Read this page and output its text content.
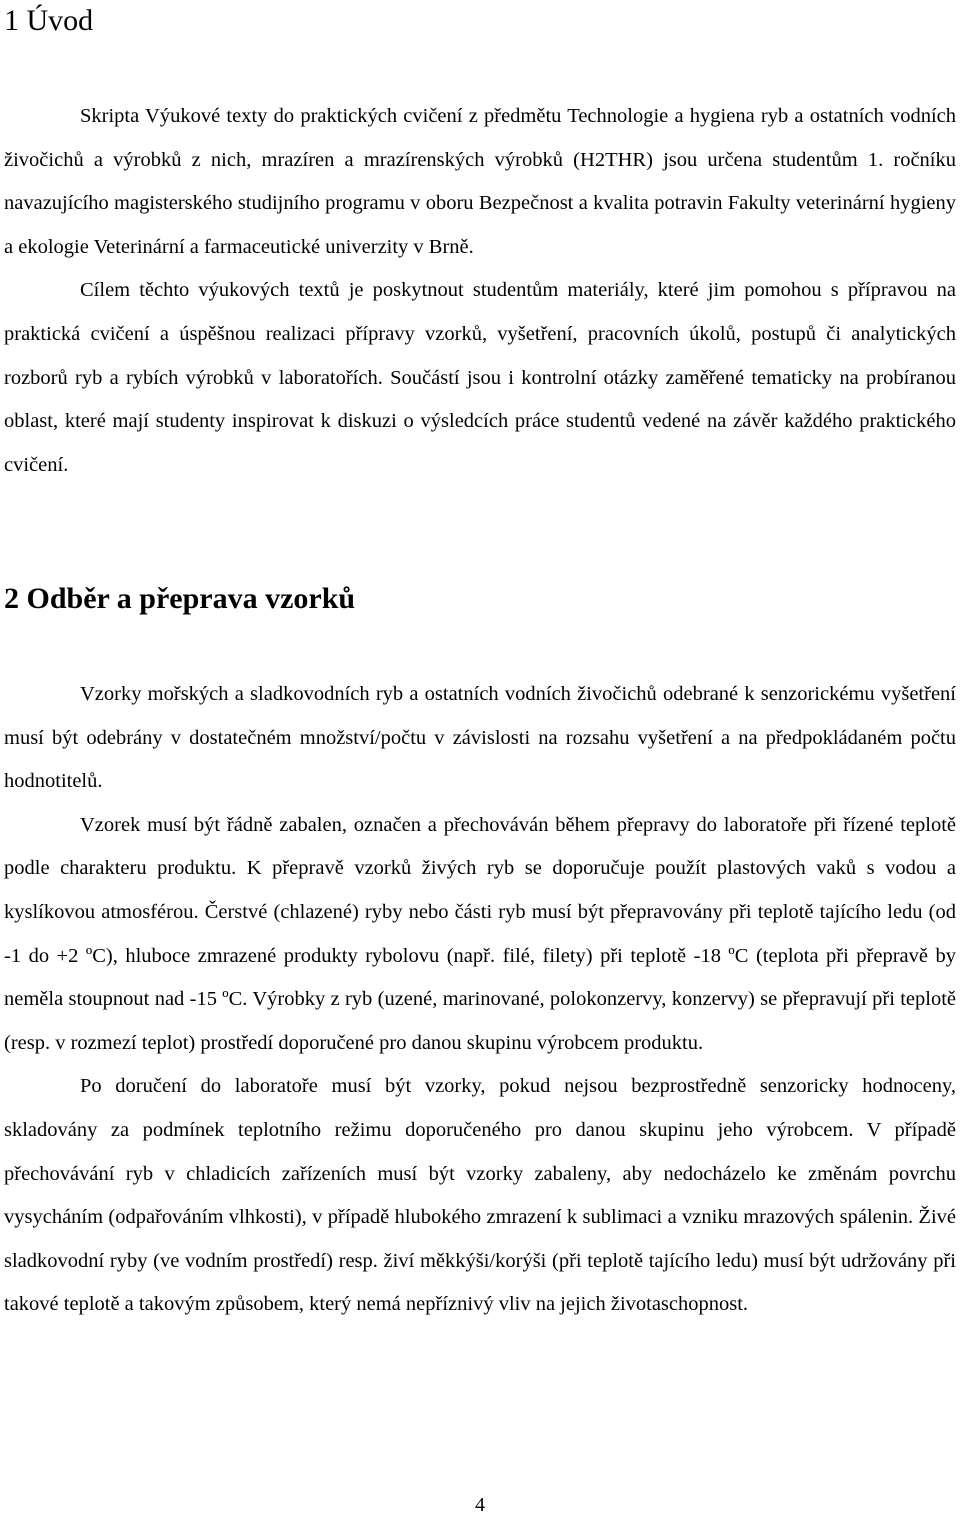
1 Úvod

Skripta Výukové texty do praktických cvičení z předmětu Technologie a hygiena ryb a ostatních vodních živočichů a výrobků z nich, mrazíren a mrazírenských výrobků (H2THR) jsou určena studentům 1. ročníku navazujícího magisterského studijního programu v oboru Bezpečnost a kvalita potravin Fakulty veterinární hygieny a ekologie Veterinární a farmaceutické univerzity v Brně.

Cílem těchto výukových textů je poskytnout studentům materiály, které jim pomohou s přípravou na praktická cvičení a úspěšnou realizaci přípravy vzorků, vyšetření, pracovních úkolů, postupů či analytických rozborů ryb a rybích výrobků v laboratořích. Součástí jsou i kontrolní otázky zaměřené tematicky na probíranou oblast, které mají studenty inspirovat k diskuzi o výsledcích práce studentů vedené na závěr každého praktického cvičení.

2 Odběr a přeprava vzorků

Vzorky mořských a sladkovodních ryb a ostatních vodních živočichů odebrané k senzorickému vyšetření musí být odebrány v dostatečném množství/počtu v závislosti na rozsahu vyšetření a na předpokládaném počtu hodnotitelů.

Vzorek musí být řádně zabalen, označen a přechováván během přepravy do laboratoře při řízené teplotě podle charakteru produktu. K přepravě vzorků živých ryb se doporučuje použít plastových vaků s vodou a kyslíkovou atmosférou. Čerstvé (chlazené) ryby nebo části ryb musí být přepravovány při teplotě tajícího ledu (od -1 do +2 ºC), hluboce zmrazené produkty rybolovu (např. filé, filety) při teplotě -18 ºC (teplota při přepravě by neměla stoupnout nad -15 ºC. Výrobky z ryb (uzené, marinované, polokonzervy, konzervy) se přepravují při teplotě (resp. v rozmezí teplot) prostředí doporučené pro danou skupinu výrobcem produktu.

Po doručení do laboratoře musí být vzorky, pokud nejsou bezprostředně senzoricky hodnoceny, skladovány za podmínek teplotního režimu doporučeného pro danou skupinu jeho výrobcem. V případě přechovávání ryb v chladicích zařízeních musí být vzorky zabaleny, aby nedocházelo ke změnám povrchu vysycháním (odpařováním vlhkosti), v případě hlubokého zmrazení k sublimaci a vzniku mrazových spálenin. Živé sladkovodní ryby (ve vodním prostředí) resp. živí měkkýši/korýši (při teplotě tajícího ledu) musí být udržovány při takové teplotě a takovým způsobem, který nemá nepříznivý vliv na jejich životaschopnost.

4
